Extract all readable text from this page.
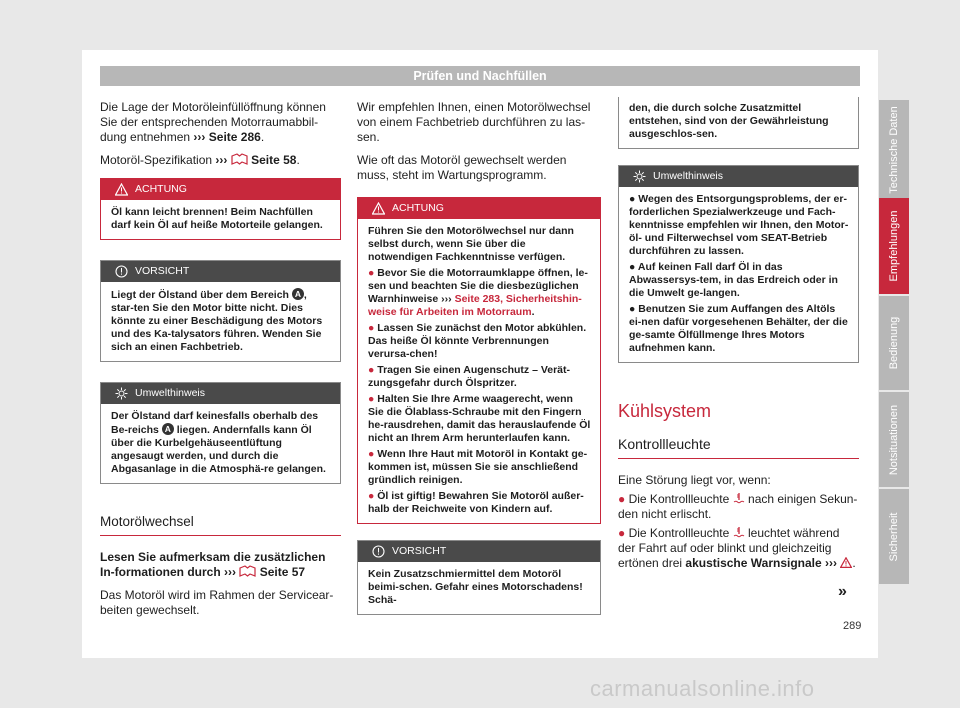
Prüfen und Nachfüllen

Die Lage der Motoröleinfüllöffnung können Sie der entsprechenden Motorraumabbil-dung entnehmen ››› Seite 286.

Motoröl-Spezifikation ››› Seite 58.

ACHTUNG

Öl kann leicht brennen! Beim Nachfüllen darf kein Öl auf heiße Motorteile gelangen.

VORSICHT

Liegt der Ölstand über dem Bereich A , star-ten Sie den Motor bitte nicht. Dies könnte zu einer Beschädigung des Motors und des Ka-talysators führen. Wenden Sie sich an einen Fachbetrieb.

Umwelthinweis

Der Ölstand darf keinesfalls oberhalb des Be-reichs A liegen. Andernfalls kann Öl über die Kurbelgehäuseentlüftung angesaugt werden, und durch die Abgasanlage in die Atmosphä-re gelangen.

Motorölwechsel

Lesen Sie aufmerksam die zusätzlichen In-formationen durch ››› Seite 57

Das Motoröl wird im Rahmen der Servicear-beiten gewechselt.

Wir empfehlen Ihnen, einen Motorölwechsel von einem Fachbetrieb durchführen zu las-sen.

Wie oft das Motoröl gewechselt werden muss, steht im Wartungsprogramm.

ACHTUNG

Führen Sie den Motorölwechsel nur dann selbst durch, wenn Sie über die notwendigen Fachkenntnisse verfügen.

● Bevor Sie die Motorraumklappe öffnen, le-sen und beachten Sie die diesbezüglichen Warnhinweise ››› Seite 283, Sicherheitshin-weise für Arbeiten im Motorraum.

● Lassen Sie zunächst den Motor abkühlen. Das heiße Öl könnte Verbrennungen verursa-chen!

● Tragen Sie einen Augenschutz – Verät-zungsgefahr durch Ölspritzer.

● Halten Sie Ihre Arme waagerecht, wenn Sie die Ölablass-Schraube mit den Fingern he-rausdrehen, damit das herauslaufende Öl nicht an Ihrem Arm herunterlaufen kann.

● Wenn Ihre Haut mit Motoröl in Kontakt ge-kommen ist, müssen Sie sie anschließend gründlich reinigen.

● Öl ist giftig! Bewahren Sie Motoröl außer-halb der Reichweite von Kindern auf.

VORSICHT

Kein Zusatzschmiermittel dem Motoröl beimi-schen. Gefahr eines Motorschadens! Schä-

den, die durch solche Zusatzmittel entstehen, sind von der Gewährleistung ausgeschlos-sen.

Umwelthinweis

● Wegen des Entsorgungsproblems, der er-forderlichen Spezialwerkzeuge und Fach-kenntnisse empfehlen wir Ihnen, den Motor-öl- und Filterwechsel vom SEAT-Betrieb durchführen zu lassen.

● Auf keinen Fall darf Öl in das Abwassersys-tem, in das Erdreich oder in die Umwelt ge-langen.

● Benutzen Sie zum Auffangen des Altöls ei-nen dafür vorgesehenen Behälter, der die ge-samte Ölfüllmenge Ihres Motors aufnehmen kann.

Kühlsystem
Kontrollleuchte

Eine Störung liegt vor, wenn:

● Die Kontrollleuchte nach einigen Sekun-den nicht erlischt.

● Die Kontrollleuchte leuchtet während der Fahrt auf oder blinkt und gleichzeitig ertönen drei akustische Warnsignale ››› .

»
Technische Daten
Empfehlungen
Bedienung
Notsituationen
Sicherheit
289
carmanualsonline.info
